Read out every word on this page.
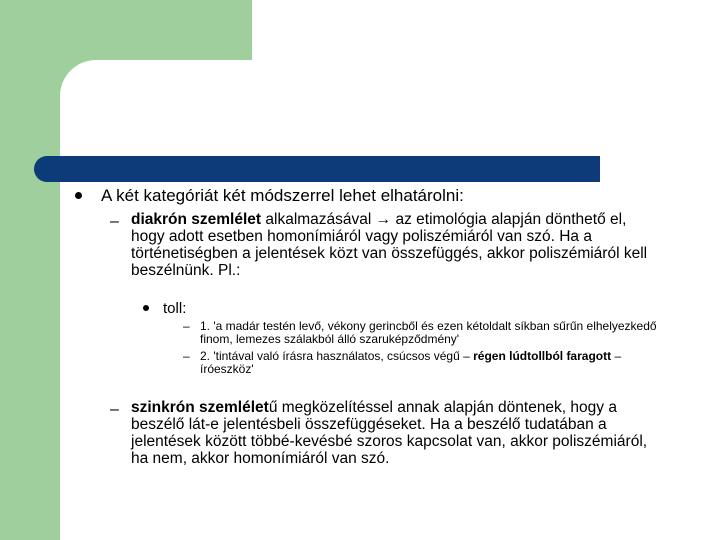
A két kategóriát két módszerrel lehet elhatárolni:
– diakrón szemlélet alkalmazásával → az etimológia alapján dönthető el, hogy adott esetben homonímiáról vagy poliszémiáról van szó. Ha a történetiségben a jelentések közt van összefüggés, akkor poliszémiáról kell beszélnünk. Pl.:
toll:
– 1. 'a madár testén levő, vékony gerincből és ezen kétoldalt síkban sűrűn elhelyezkedő finom, lemezes szálakból álló szaruképződmény'
– 2. 'tintával való írásra használatos, csúcsos végű – régen lúdtollból faragott – íróeszköz'
– szinkrón szemléletű megközelítéssel annak alapján döntenek, hogy a beszélő lát-e jelentésbeli összefüggéseket. Ha a beszélő tudatában a jelentések között többé-kevésbé szoros kapcsolat van, akkor poliszémiáról, ha nem, akkor homonímiáról van szó.
